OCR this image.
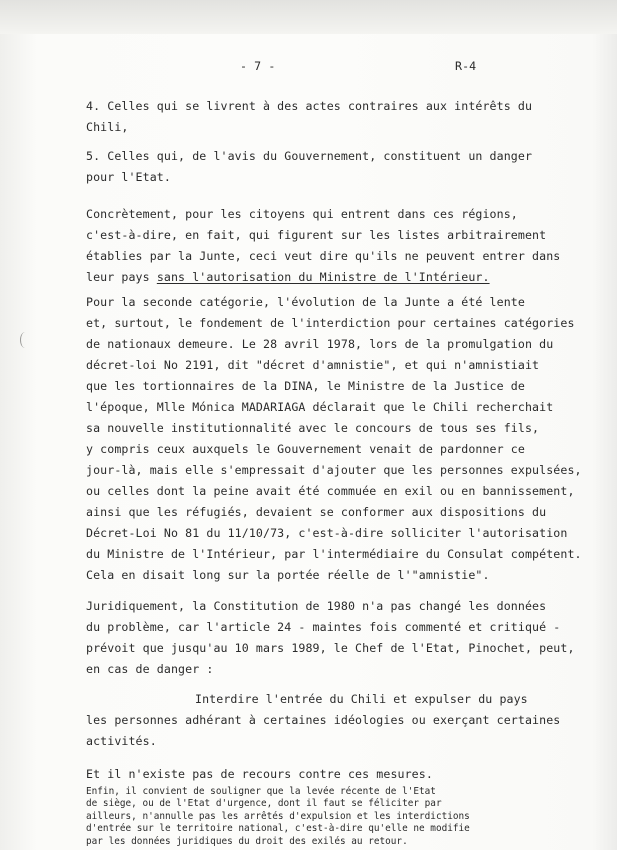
- 7 -	R-4

4. Celles qui se livrent à des actes contraires aux intérêts du

Chili,

5. Celles qui, de l'avis du Gouvernement, constituent un danger

pour l'Etat.

Concrètement, pour les citoyens qui entrent dans ces régions,

c'est-à-dire, en fait, qui figurent sur les listes arbitrairement

établies par la Junte, ceci veut dire qu'ils ne peuvent entrer dans

leur pays sans l'autorisation du Ministre de l'Intérieur.

Pour la seconde catégorie, l'évolution de la Junte a été lente

et, surtout, le fondement de l'interdiction pour certaines catégories

de nationaux demeure. Le 28 avril 1978, lors de la promulgation du

décret-loi No 2191, dit "décret d'amnistie", et qui n'amnistiait

que les tortionnaires de la DINA, le Ministre de la Justice de

l'époque, Mlle Mónica MADARIAGA déclarait que le Chili recherchait

sa nouvelle institutionnalité avec le concours de tous ses fils,

y compris ceux auxquels le Gouvernement venait de pardonner ce

jour-là, mais elle s'empressait d'ajouter que les personnes expulsées,

ou celles dont la peine avait été commuée en exil ou en bannissement,

ainsi que les réfugiés, devaient se conformer aux dispositions du

Décret-Loi No 81 du 11/10/73, c'est-à-dire solliciter l'autorisation

du Ministre de l'Intérieur, par l'intermédiaire du Consulat compétent.

Cela en disait long sur la portée réelle de l'"amnistie".

Juridiquement, la Constitution de 1980 n'a pas changé les données

du problème, car l'article 24 - maintes fois commenté et critiqué -

prévoit que jusqu'au 10 mars 1989, le Chef de l'Etat, Pinochet, peut,

en cas de danger :

Interdire l'entrée du Chili et expulser du pays

les personnes adhérant à certaines idéologies ou exerçant certaines

activités.

Et il n'existe pas de recours contre ces mesures.

Enfin, il convient de souligner que la levée récente de l'Etat
de siège, ou de l'Etat d'urgence, dont il faut se féliciter par
ailleurs, n'annulle pas les arrêtés d'expulsion et les interdictions
d'entrée sur le territoire national, c'est-à-dire qu'elle ne modifie
par les données juridiques du droit des exilés au retour.
